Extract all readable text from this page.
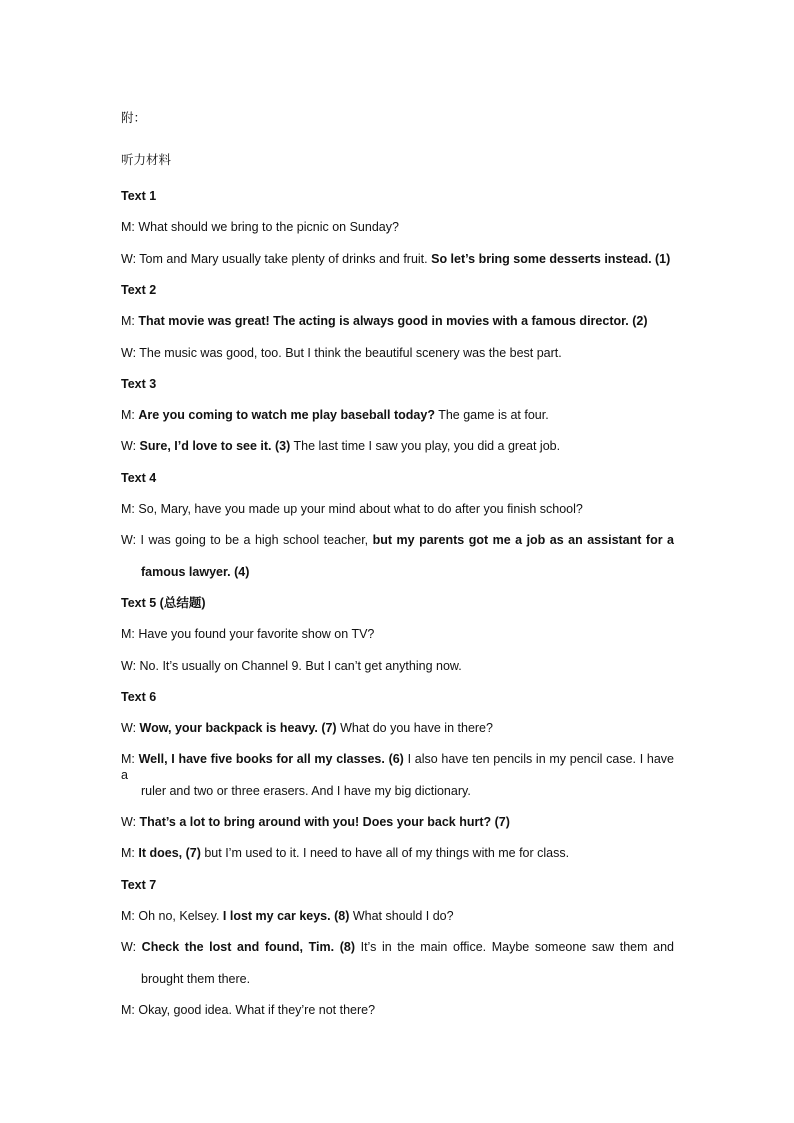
附：

听力材料

Text 1

M: What should we bring to the picnic on Sunday?

W: Tom and Mary usually take plenty of drinks and fruit. So let’s bring some desserts instead. (1)

Text 2

M: That movie was great! The acting is always good in movies with a famous director. (2)

W: The music was good, too. But I think the beautiful scenery was the best part.

Text 3

M: Are you coming to watch me play baseball today? The game is at four.

W: Sure, I’d love to see it. (3) The last time I saw you play, you did a great job.

Text 4

M: So, Mary, have you made up your mind about what to do after you finish school?

W: I was going to be a high school teacher, but my parents got me a job as an assistant for a

famous lawyer. (4)

Text 5 (总结题)

M: Have you found your favorite show on TV?

W: No. It’s usually on Channel 9. But I can’t get anything now.

Text 6

W: Wow, your backpack is heavy. (7) What do you have in there?

M: Well, I have five books for all my classes. (6) I also have ten pencils in my pencil case. I have a

ruler and two or three erasers. And I have my big dictionary.

W: That’s a lot to bring around with you! Does your back hurt? (7)

M: It does, (7) but I’m used to it. I need to have all of my things with me for class.

Text 7

M: Oh no, Kelsey. I lost my car keys. (8) What should I do?

W: Check the lost and found, Tim. (8) It’s in the main office. Maybe someone saw them and

brought them there.

M: Okay, good idea. What if they’re not there?
